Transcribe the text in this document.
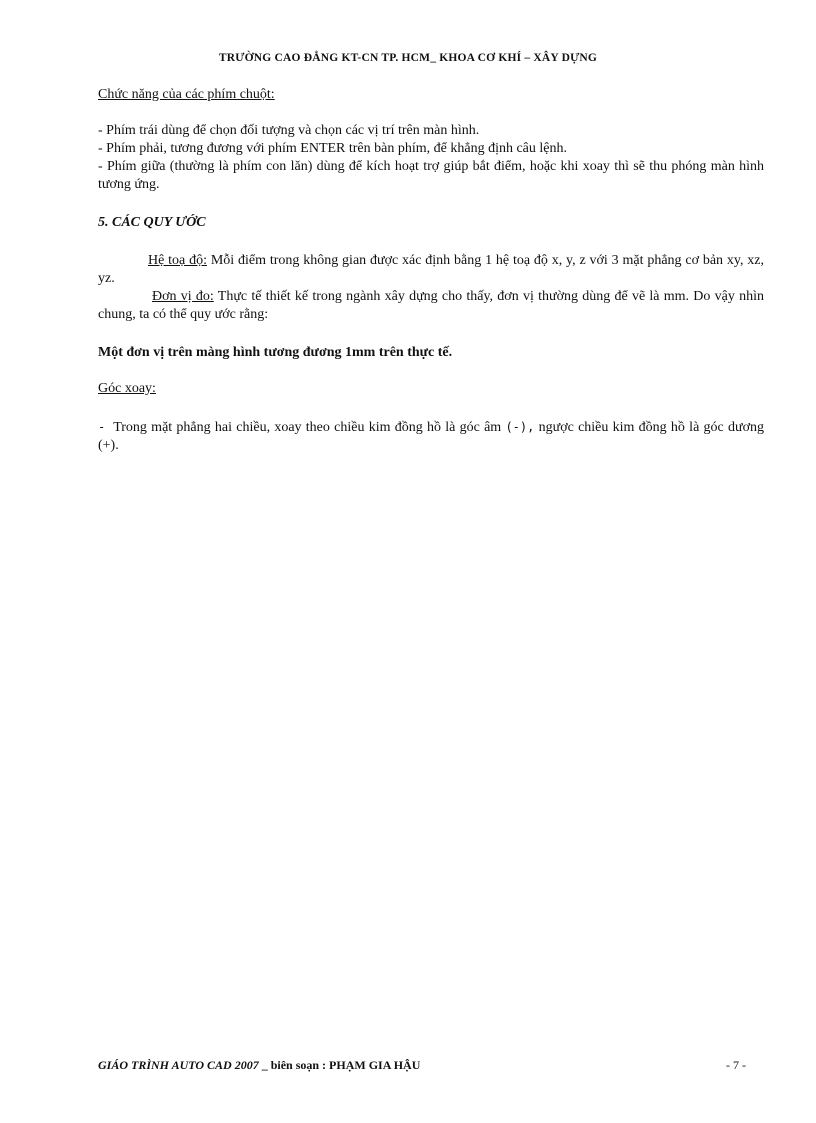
TRƯỜNG CAO ĐẲNG KT-CN TP. HCM_ KHOA CƠ KHÍ – XÂY DỰNG

Chức năng của các phím chuột:

- Phím trái dùng để chọn đối tượng và chọn các vị trí trên màn hình.

- Phím phải, tương đương với phím ENTER trên bàn phím, để khẳng định câu lệnh.

- Phím giữa (thường là phím con lăn) dùng để kích hoạt trợ giúp bắt điểm, hoặc khi xoay thì sẽ thu phóng màn hình tương ứng.

5. CÁC QUY ƯỚC

Hệ toạ độ: Mỗi điểm trong không gian được xác định bằng 1 hệ toạ độ x, y, z với 3 mặt phẳng cơ bản xy, xz, yz.

Đơn vị đo: Thực tế thiết kế trong ngành xây dựng cho thấy, đơn vị thường dùng để vẽ là mm. Do vậy nhìn chung, ta có thể quy ước rằng:

Một đơn vị trên màng hình tương đương 1mm trên thực tế.

Góc xoay:

- Trong mặt phẳng hai chiều, xoay theo chiều kim đồng hồ là góc âm (-), ngược chiều kim đồng hồ là góc dương (+).

GIÁO TRÌNH AUTO CAD 2007 _ biên soạn : PHẠM GIA HẬU	- 7 -
